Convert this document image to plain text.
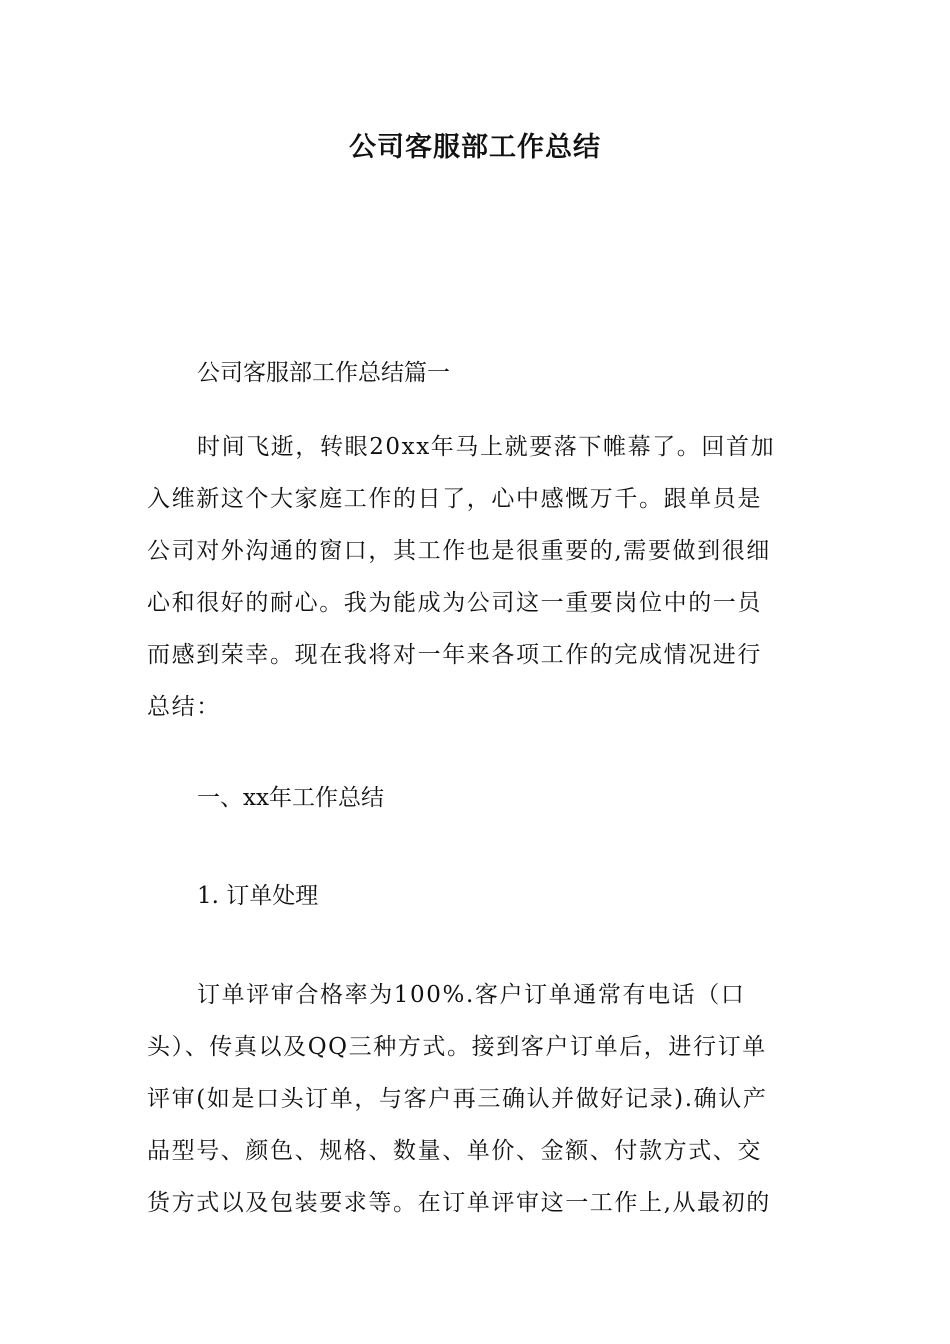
公司客服部工作总结

公司客服部工作总结篇一

时间飞逝，转眼20xx年马上就要落下帷幕了。回首加
入维新这个大家庭工作的日了，心中感慨万千。跟单员是
公司对外沟通的窗口，其工作也是很重要的,需要做到很细
心和很好的耐心。我为能成为公司这一重要岗位中的一员
而感到荣幸。现在我将对一年来各项工作的完成情况进行
总结：

一、xx年工作总结

1. 订单处理

订单评审合格率为100%.客户订单通常有电话（口
头）、传真以及QQ三种方式。接到客户订单后，进行订单
评审(如是口头订单，与客户再三确认并做好记录).确认产
品型号、颜色、规格、数量、单价、金额、付款方式、交
货方式以及包装要求等。在订单评审这一工作上,从最初的
